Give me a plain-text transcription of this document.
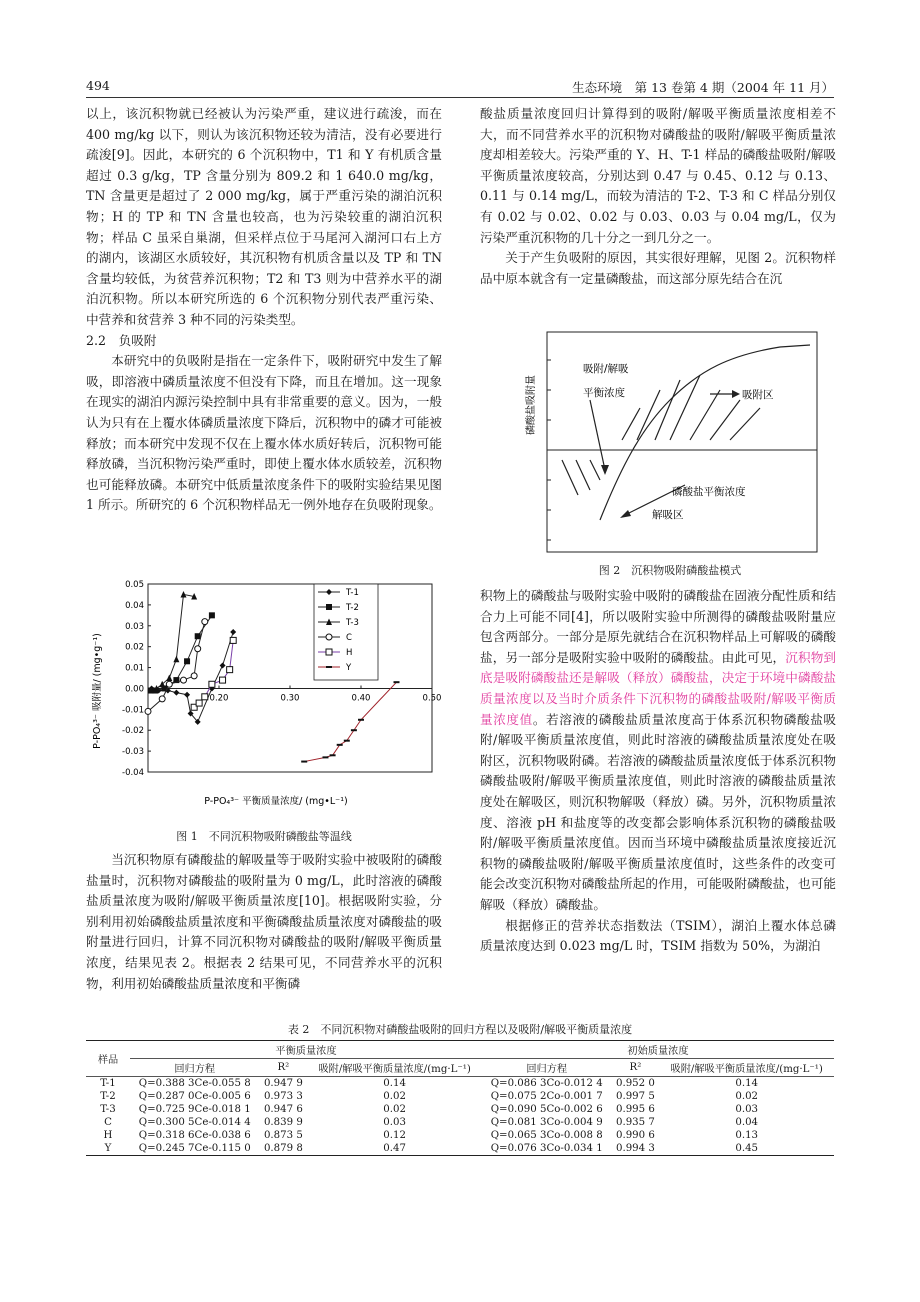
494	生态环境　第 13 卷第 4 期（2004 年 11 月）

以上，该沉积物就已经被认为污染严重，建议进行疏浚，而在 400 mg/kg 以下，则认为该沉积物还较为清洁，没有必要进行疏浚[9]。因此，本研究的 6 个沉积物中，T1 和 Y 有机质含量超过 0.3 g/kg，TP 含量分别为 809.2 和 1 640.0 mg/kg，TN 含量更是超过了 2 000 mg/kg，属于严重污染的湖泊沉积物；H 的 TP 和 TN 含量也较高，也为污染较重的湖泊沉积物；样品 C 虽采自巢湖，但采样点位于马尾河入湖河口右上方的湖内，该湖区水质较好，其沉积物有机质含量以及 TP 和 TN 含量均较低，为贫营养沉积物；T2 和 T3 则为中营养水平的湖泊沉积物。所以本研究所选的 6 个沉积物分别代表严重污染、中营养和贫营养 3 种不同的污染类型。

2.2　负吸附

本研究中的负吸附是指在一定条件下，吸附研究中发生了解吸，即溶液中磷质量浓度不但没有下降，而且在增加。这一现象在现实的湖泊内源污染控制中具有非常重要的意义。因为，一般认为只有在上覆水体磷质量浓度下降后，沉积物中的磷才可能被释放；而本研究中发现不仅在上覆水体水质好转后，沉积物可能释放磷，当沉积物污染严重时，即使上覆水体水质较差，沉积物也可能释放磷。本研究中低质量浓度条件下的吸附实验结果见图 1 所示。所研究的 6 个沉积物样品无一例外地存在负吸附现象。

0.05
0.04
0.03
0.02
0.01
0.00
-0.01
-0.02
-0.03
-0.04
0.20	0.30	0.40	0.50
T-1
T-2
T-3
C
H
Y
P-PO₄³⁻ 吸附量/ (mg•g⁻¹)
P-PO₄³⁻ 平衡质量浓度/ (mg•L⁻¹)
图 1　不同沉积物吸附磷酸盐等温线

当沉积物原有磷酸盐的解吸量等于吸附实验中被吸附的磷酸盐量时，沉积物对磷酸盐的吸附量为 0 mg/L，此时溶液的磷酸盐质量浓度为吸附/解吸平衡质量浓度[10]。根据吸附实验，分别利用初始磷酸盐质量浓度和平衡磷酸盐质量浓度对磷酸盐的吸附量进行回归，计算不同沉积物对磷酸盐的吸附/解吸平衡质量浓度，结果见表 2。根据表 2 结果可见，不同营养水平的沉积物，利用初始磷酸盐质量浓度和平衡磷

酸盐质量浓度回归计算得到的吸附/解吸平衡质量浓度相差不大，而不同营养水平的沉积物对磷酸盐的吸附/解吸平衡质量浓度却相差较大。污染严重的 Y、H、T-1 样品的磷酸盐吸附/解吸平衡质量浓度较高，分别达到 0.47 与 0.45、0.12 与 0.13、0.11 与 0.14 mg/L，而较为清洁的 T-2、T-3 和 C 样品分别仅有 0.02 与 0.02、0.02 与 0.03、0.03 与 0.04 mg/L，仅为污染严重沉积物的几十分之一到几分之一。

关于产生负吸附的原因，其实很好理解，见图 2。沉积物样品中原本就含有一定量磷酸盐，而这部分原先结合在沉

磷酸盐吸附量
吸附/解吸
平衡浓度	吸附区
磷酸盐平衡浓度
解吸区
图 2　沉积物吸附磷酸盐模式

积物上的磷酸盐与吸附实验中吸附的磷酸盐在固液分配性质和结合力上可能不同[4]，所以吸附实验中所测得的磷酸盐吸附量应包含两部分。一部分是原先就结合在沉积物样品上可解吸的磷酸盐，另一部分是吸附实验中吸附的磷酸盐。由此可见，沉积物到底是吸附磷酸盐还是解吸（释放）磷酸盐，决定于环境中磷酸盐质量浓度以及当时介质条件下沉积物的磷酸盐吸附/解吸平衡质量浓度值。若溶液的磷酸盐质量浓度高于体系沉积物磷酸盐吸附/解吸平衡质量浓度值，则此时溶液的磷酸盐质量浓度处在吸附区，沉积物吸附磷。若溶液的磷酸盐质量浓度低于体系沉积物磷酸盐吸附/解吸平衡质量浓度值，则此时溶液的磷酸盐质量浓度处在解吸区，则沉积物解吸（释放）磷。另外，沉积物质量浓度、溶液 pH 和盐度等的改变都会影响体系沉积物的磷酸盐吸附/解吸平衡质量浓度值。因而当环境中磷酸盐质量浓度接近沉积物的磷酸盐吸附/解吸平衡质量浓度值时，这些条件的改变可能会改变沉积物对磷酸盐所起的作用，可能吸附磷酸盐，也可能解吸（释放）磷酸盐。

根据修正的营养状态指数法（TSIM），湖泊上覆水体总磷质量浓度达到 0.023 mg/L 时，TSIM 指数为 50%，为湖泊

表 2　不同沉积物对磷酸盐吸附的回归方程以及吸附/解吸平衡质量浓度
样品	平衡质量浓度			初始质量浓度		
	回归方程	R²	吸附/解吸平衡质量浓度/(mg·L⁻¹)	回归方程	R²	吸附/解吸平衡质量浓度/(mg·L⁻¹)
T-1	Q=0.388 3Ce-0.055 8	0.947 9	0.14	Q=0.086 3Co-0.012 4	0.952 0	0.14
T-2	Q=0.287 0Ce-0.005 6	0.973 3	0.02	Q=0.075 2Co-0.001 7	0.997 5	0.02
T-3	Q=0.725 9Ce-0.018 1	0.947 6	0.02	Q=0.090 5Co-0.002 6	0.995 6	0.03
C	Q=0.300 5Ce-0.014 4	0.839 9	0.03	Q=0.081 3Co-0.004 9	0.935 7	0.04
H	Q=0.318 6Ce-0.038 6	0.873 5	0.12	Q=0.065 3Co-0.008 8	0.990 6	0.13
Y	Q=0.245 7Ce-0.115 0	0.879 8	0.47	Q=0.076 3Co-0.034 1	0.994 3	0.45
